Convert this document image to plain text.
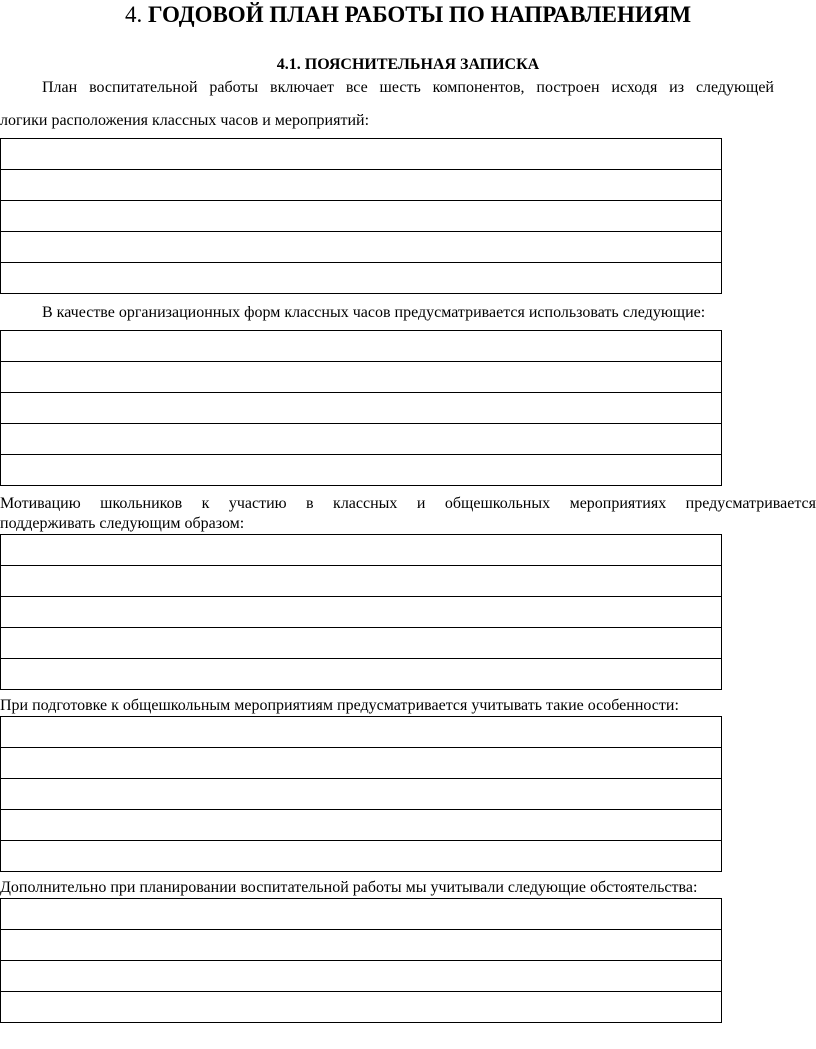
4. ГОДОВОЙ ПЛАН РАБОТЫ ПО НАПРАВЛЕНИЯМ
4.1. ПОЯСНИТЕЛЬНАЯ ЗАПИСКА
План воспитательной работы включает все шесть компонентов, построен исходя из следующей
логики расположения классных часов и мероприятий:

В качестве организационных форм классных часов предусматривается использовать следующие:

Мотивацию школьников к участию в классных и общешкольных мероприятиях предусматривается
поддерживать следующим образом:

При подготовке к общешкольным мероприятиям предусматривается учитывать такие особенности:

Дополнительно при планировании воспитательной работы мы учитывали следующие обстоятельства:
